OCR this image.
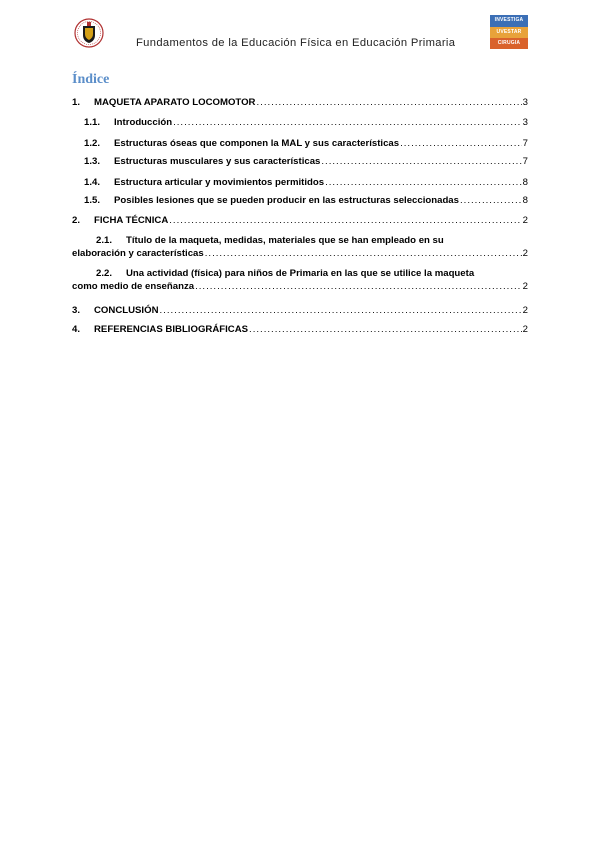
Fundamentos de la Educación Física en Educación Primaria
INVESTIGA
UVESTAR
CIRUGIA
Índice
1.	MAQUETA APARATO LOCOMOTOR .....	3
1.1.	Introducción .....	3
1.2.	Estructuras óseas que componen la MAL y sus características .....	7
1.3.	Estructuras musculares y sus características .....	7
1.4.	Estructura articular y movimientos permitidos .....	8
1.5.	Posibles lesiones que se pueden producir en las estructuras seleccionadas .....	8
2.	FICHA TÉCNICA .....	2
2.1. Título de la maqueta, medidas, materiales que se han empleado en su
elaboración y características .....	2
2.2. Una actividad (física) para niños de Primaria en las que se utilice la maqueta
como medio de enseñanza .....	2
3.	CONCLUSIÓN .....	2
4.	REFERENCIAS BIBLIOGRÁFICAS .....	2
